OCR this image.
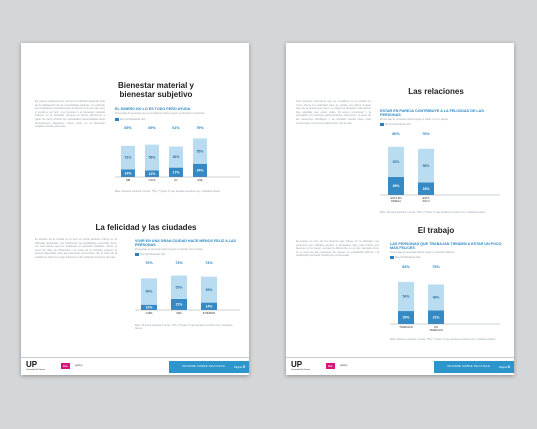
Bienestar material y bienestar subjetivo
En países relativamente pobres la felicidad depende más de la satisfacción de las necesidades básicas. La mitad de los ciudadanos considera que el dinero no lo es todo pero si ayuda a ser feliz. Los ingresos y el bienestar material influyen en la felicidad, aunque su efecto disminuye a partir de cierto umbral. En sociedades desarrolladas otras dimensiones adquieren mayor peso en el bienestar subjetivo de las personas.
EL DINERO NO LO ES TODO PERO AYUDA
Porcentaje de personas que se consideran felices según su situación económica
Muy feliz Bastante feliz
14%
51%
65%
NBI
12%
56%
69%
C2C3
17%
46%
61%
D1
24%
55%
79%
D2E
Base: Muestra nacional. Fuente: TNS. (*) Nota: % que declaran sentirse muy o bastante felices
La felicidad y las ciudades
El tamaño de la ciudad en la que se reside también influye en la felicidad declarada. Los habitantes de localidades pequeñas dicen ser más felices que los residentes en grandes ciudades, donde el ritmo de vida, las distancias y el coste de la vivienda reducen el tiempo disponible para las relaciones personales. En el caso de la capital las cifras son algo inferiores a la media del conjunto del país.
VIVIR EN UNA GRAN CIUDAD HACE MENOS FELIZ A LAS PERSONAS
Porcentaje de personas felices según el tamaño de la ciudad
Muy feliz Bastante feliz
10%
60%
70%
CABA
21%
53%
73%
GBA
14%
59%
74%
INTERIOR
Base: Muestra nacional. Fuente: TNS. (*) Nota: % que declaran sentirse muy o bastante felices
UP
Universidad de Palermo
tns	gallup	INFORME SOBRE FELICIDAD	Página 5
Las relaciones
Otro aspecto importante que se considera en el estudio es cómo afecta a la felicidad estar en pareja. Los datos revelan que las personas que viven en pareja se declaran más felices que aquellas que están solas. El apoyo emocional y la compañía son factores determinantes. Asimismo, el peso de las relaciones familiares y de amistad resulta clave para comprender el nivel de satisfacción con la vida.
ESTAR EN PAREJA CONTRIBUYE A LA FELICIDAD DE LAS PERSONAS
Porcentaje de personas felices según si están o no en pareja
Muy feliz Bastante feliz
26%
52%
80%
ESTÁ EN
PAREJA
18%
58%
76%
ESTÁ
SOLO
Base: Muestra nacional. Fuente: TNS. (*) Nota: % que declaran sentirse muy o bastante felices
El trabajo
El empleo es otro de los factores que influye en la felicidad. Las personas que trabajan tienden a declararse algo más felices que quienes no lo hacen, aunque la diferencia no es tan marcada como en el caso de las relaciones de pareja. La estabilidad laboral y la realización personal contribuyen al bienestar.
LAS PERSONAS QUE TRABAJAN TIENDEN A ESTAR UN POCO MAS FELICES
Porcentaje de personas felices según su situación laboral
Muy feliz Bastante feliz
20%
54%
83%
TRABAJAN
21%
48%
75%
NO
TRABAJAN
Base: Muestra nacional. Fuente: TNS. (*) Nota: % que declaran sentirse muy o bastante felices
UP
Universidad de Palermo
tns	gallup	INFORME SOBRE FELICIDAD	Página 6
